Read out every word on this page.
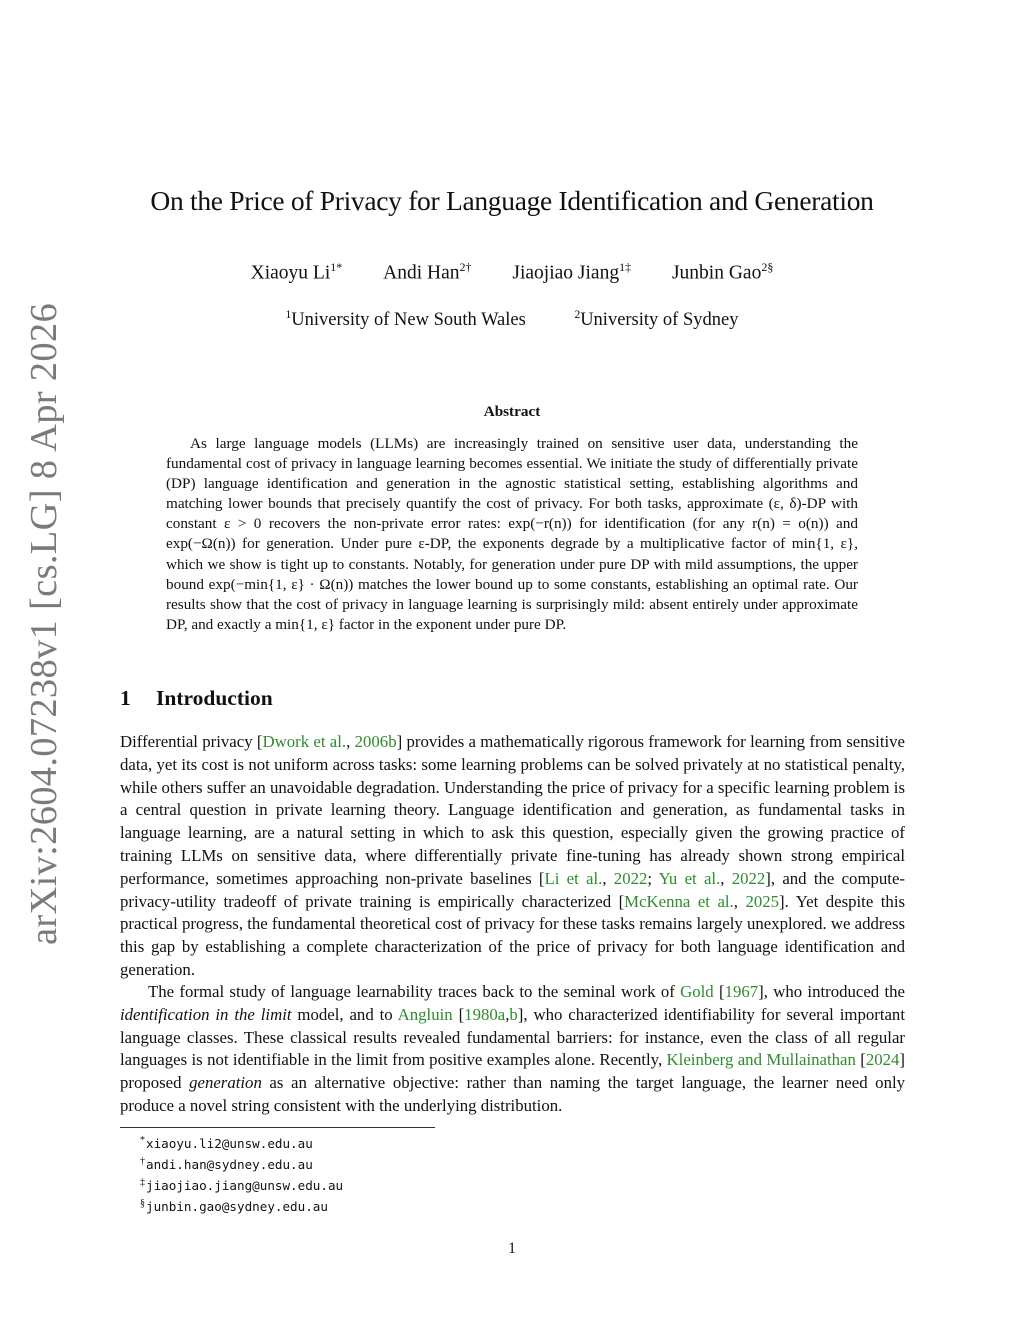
arXiv:2604.07238v1 [cs.LG] 8 Apr 2026
On the Price of Privacy for Language Identification and Generation
Xiaoyu $Li^{1*}$ Andi Han$^{2\dagger}$ Jiaojiao Jiang$^{1\ddagger}$ Junbin Gao$^{2\S}$
$^1$University of New South Wales	$^2$University of Sydney
Abstract

As large language models (LLMs) are increasingly trained on sensitive user data, understanding the fundamental cost of privacy in language learning becomes essential. We initiate the study of differentially private (DP) language identification and generation in the agnostic statistical setting, establishing algorithms and matching lower bounds that precisely quantify the cost of privacy. For both tasks, approximate (ε, δ)-DP with constant ε > 0 recovers the non-private error rates: exp(−r(n)) for identification (for any r(n) = o(n)) and exp(−Ω(n)) for generation. Under pure ε-DP, the exponents degrade by a multiplicative factor of min{1, ε}, which we show is tight up to constants. Notably, for generation under pure DP with mild assumptions, the upper bound exp(−min{1, ε} · Ω(n)) matches the lower bound up to some constants, establishing an optimal rate. Our results show that the cost of privacy in language learning is surprisingly mild: absent entirely under approximate DP, and exactly a min{1, ε} factor in the exponent under pure DP.

1 Introduction

Differential privacy [Dwork et al., 2006b] provides a mathematically rigorous framework for learning from sensitive data, yet its cost is not uniform across tasks: some learning problems can be solved privately at no statistical penalty, while others suffer an unavoidable degradation. Understanding the price of privacy for a specific learning problem is a central question in private learning theory. Language identification and generation, as fundamental tasks in language learning, are a natural setting in which to ask this question, especially given the growing practice of training LLMs on sensitive data, where differentially private fine-tuning has already shown strong empirical performance, sometimes approaching non-private baselines [Li et al., 2022; Yu et al., 2022], and the compute-privacy-utility tradeoff of private training is empirically characterized [McKenna et al., 2025]. Yet despite this practical progress, the fundamental theoretical cost of privacy for these tasks remains largely unexplored. we address this gap by establishing a complete characterization of the price of privacy for both language identification and generation.

The formal study of language learnability traces back to the seminal work of Gold [1967], who introduced the identification in the limit model, and to Angluin [1980a,b], who characterized identifiability for several important language classes. These classical results revealed fundamental barriers: for instance, even the class of all regular languages is not identifiable in the limit from positive examples alone. Recently, Kleinberg and Mullainathan [2024] proposed generation as an alternative objective: rather than naming the target language, the learner need only produce a novel string consistent with the underlying distribution.

*xiaoyu.li2@unsw.edu.au
†andi.han@sydney.edu.au
‡jiaojiao.jiang@unsw.edu.au
§junbin.gao@sydney.edu.au
1
